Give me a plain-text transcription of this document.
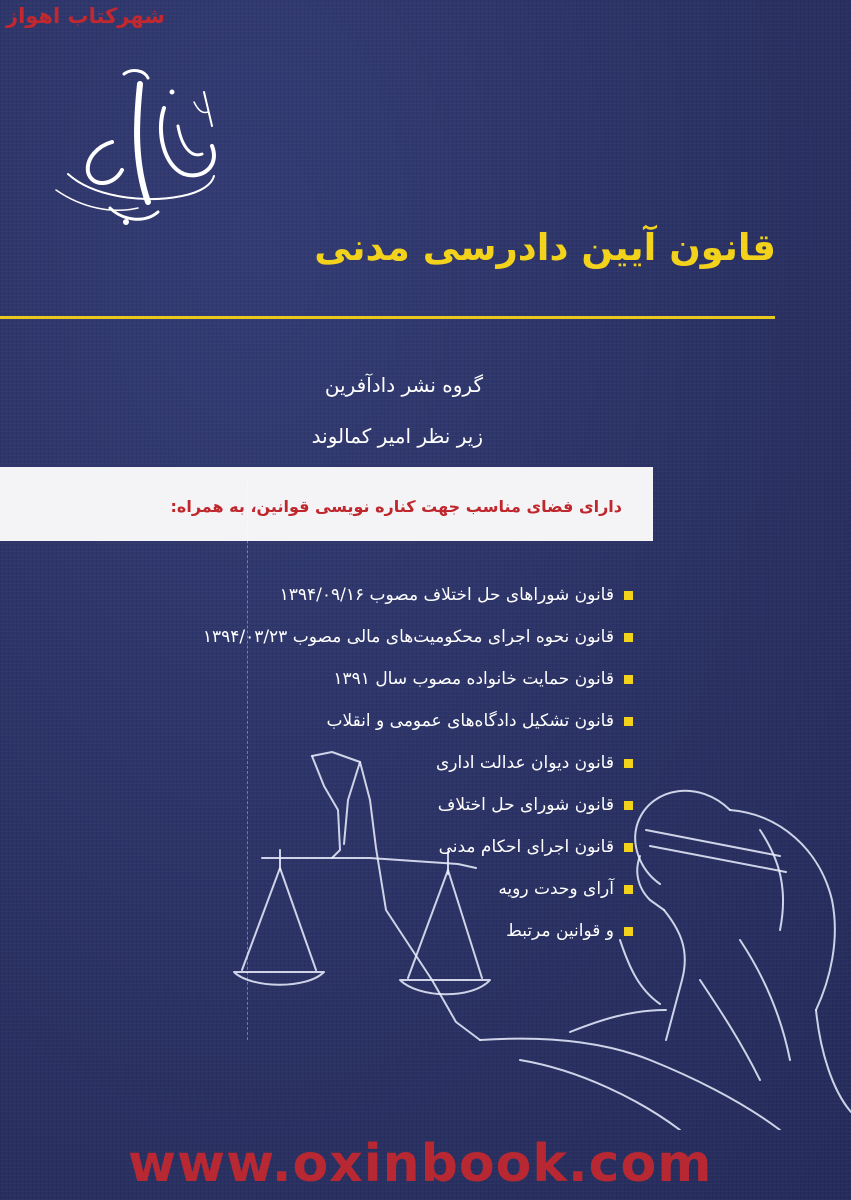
شهرکتاب اهواز
قانون آیین دادرسی مدنی
گروه نشر دادآفرین
زیر نظر امیر کمالوند
دارای فضای مناسب جهت کناره نویسی قوانین، به همراه:
قانون شوراهای حل اختلاف مصوب ۱۳۹۴/۰۹/۱۶
قانون نحوه اجرای محکومیت‌های مالی مصوب ۱۳۹۴/۰۳/۲۳
قانون حمایت خانواده مصوب سال ۱۳۹۱
قانون تشکیل دادگاه‌های عمومی و انقلاب
قانون دیوان عدالت اداری
قانون شورای حل اختلاف
قانون اجرای احکام مدنی
آرای وحدت رویه
و قوانین مرتبط
www.oxinbook.com
